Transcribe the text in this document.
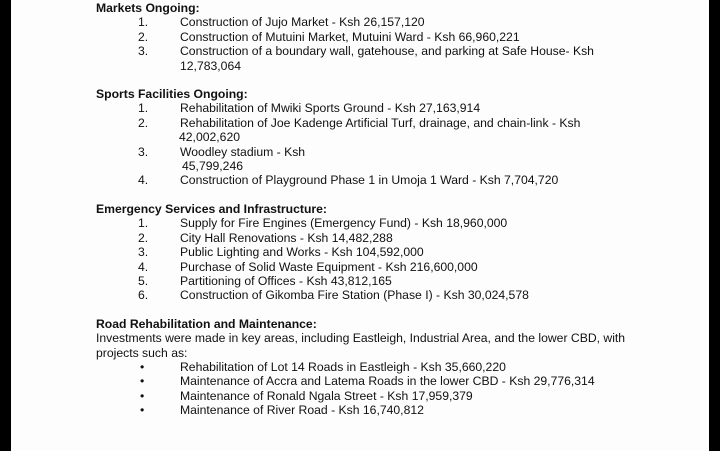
Markets Ongoing:
1.	Construction of Jujo Market - Ksh 26,157,120
2.	Construction of Mutuini Market, Mutuini Ward - Ksh 66,960,221
3.	Construction of a boundary wall, gatehouse, and parking at Safe House- Ksh
12,783,064
Sports Facilities Ongoing:
1.	Rehabilitation of Mwiki Sports Ground - Ksh 27,163,914
2.	Rehabilitation of Joe Kadenge Artificial Turf, drainage, and chain-link - Ksh
42,002,620
3.	Woodley stadium - Ksh
45,799,246
4.	Construction of Playground Phase 1 in Umoja 1 Ward - Ksh 7,704,720
Emergency Services and Infrastructure:
1.	Supply for Fire Engines (Emergency Fund) - Ksh 18,960,000
2.	City Hall Renovations - Ksh 14,482,288
3.	Public Lighting and Works - Ksh 104,592,000
4.	Purchase of Solid Waste Equipment - Ksh 216,600,000
5.	Partitioning of Offices - Ksh 43,812,165
6.	Construction of Gikomba Fire Station (Phase I) - Ksh 30,024,578
Road Rehabilitation and Maintenance:
Investments were made in key areas, including Eastleigh, Industrial Area, and the lower CBD, with projects such as:
•	Rehabilitation of Lot 14 Roads in Eastleigh - Ksh 35,660,220
•	Maintenance of Accra and Latema Roads in the lower CBD - Ksh 29,776,314
•	Maintenance of Ronald Ngala Street - Ksh 17,959,379
•	Maintenance of River Road - Ksh 16,740,812
